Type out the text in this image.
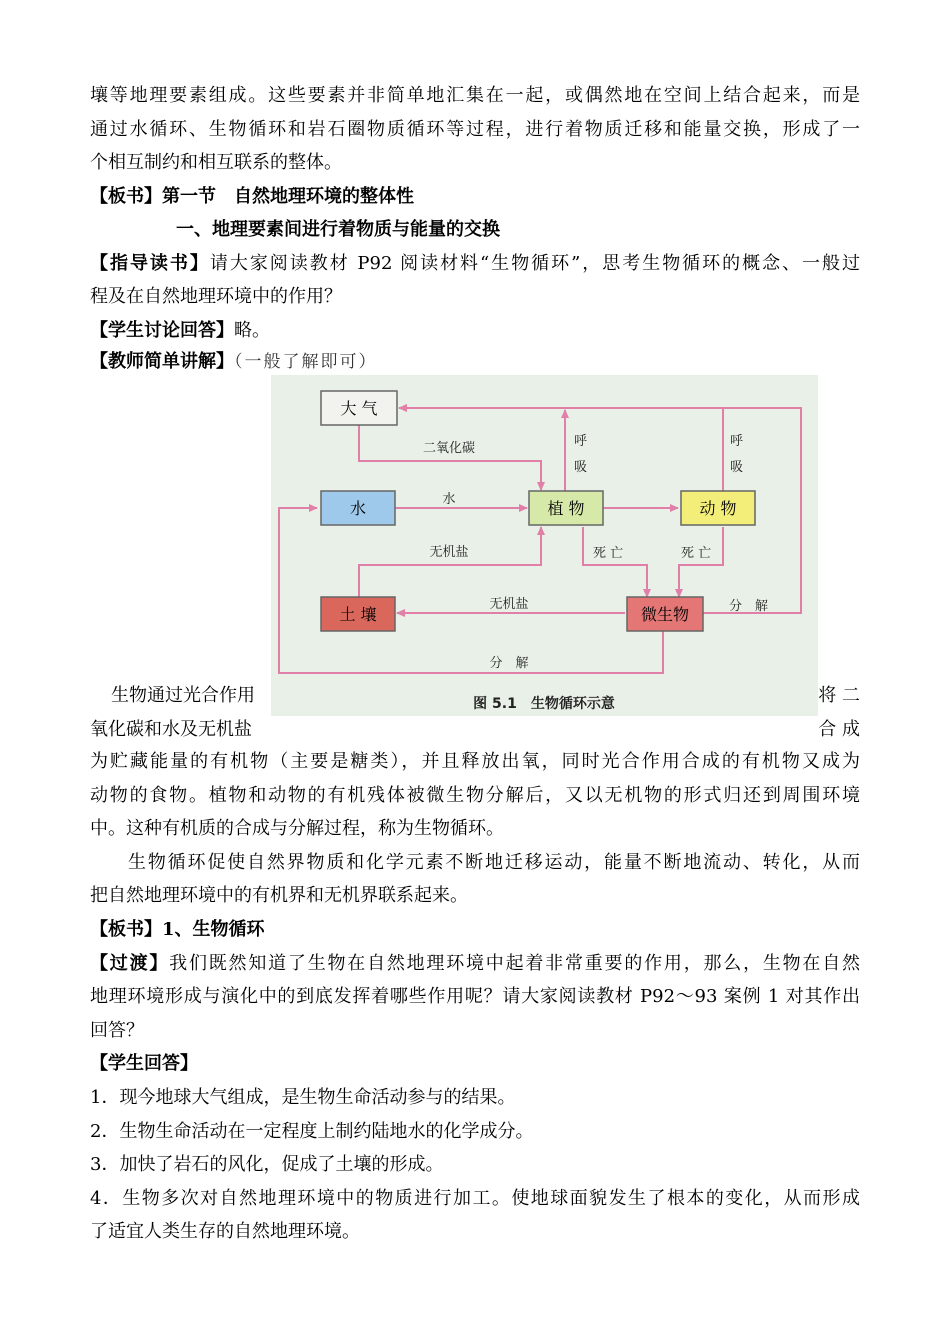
壤等地理要素组成。这些要素并非简单地汇集在一起，或偶然地在空间上结合起来，而是
通过水循环、生物循环和岩石圈物质循环等过程，进行着物质迁移和能量交换，形成了一
个相互制约和相互联系的整体。
【板书】第一节　自然地理环境的整体性
一、地理要素间进行着物质与能量的交换
【指导读书】请大家阅读教材 P92 阅读材料“生物循环”，思考生物循环的概念、一般过
程及在自然地理环境中的作用？
【学生讨论回答】略。
【教师简单讲解】（一般了解即可）
生物通过光合作用	将 二
氧化碳和水及无机盐	合 成
为贮藏能量的有机物（主要是糖类），并且释放出氧，同时光合作用合成的有机物又成为
动物的食物。植物和动物的有机残体被微生物分解后，又以无机物的形式归还到周围环境
中。这种有机质的合成与分解过程，称为生物循环。
生物循环促使自然界物质和化学元素不断地迁移运动，能量不断地流动、转化，从而
把自然地理环境中的有机界和无机界联系起来。
【板书】1、生物循环
【过渡】我们既然知道了生物在自然地理环境中起着非常重要的作用，那么，生物在自然
地理环境形成与演化中的到底发挥着哪些作用呢？请大家阅读教材 P92～93 案例 1 对其作出
回答？
【学生回答】
1．现今地球大气组成，是生物生命活动参与的结果。
2．生物生命活动在一定程度上制约陆地水的化学成分。
3．加快了岩石的风化，促成了土壤的形成。
4．生物多次对自然地理环境中的物质进行加工。使地球面貌发生了根本的变化，从而形成
了适宜人类生存的自然地理环境。
大 气
水	植 物	动 物
土 壤	微生物
二氧化碳
水
无机盐
无机盐
呼
吸
呼
吸
死 亡	死 亡
分　解
分　解
图 5.1　生物循环示意
